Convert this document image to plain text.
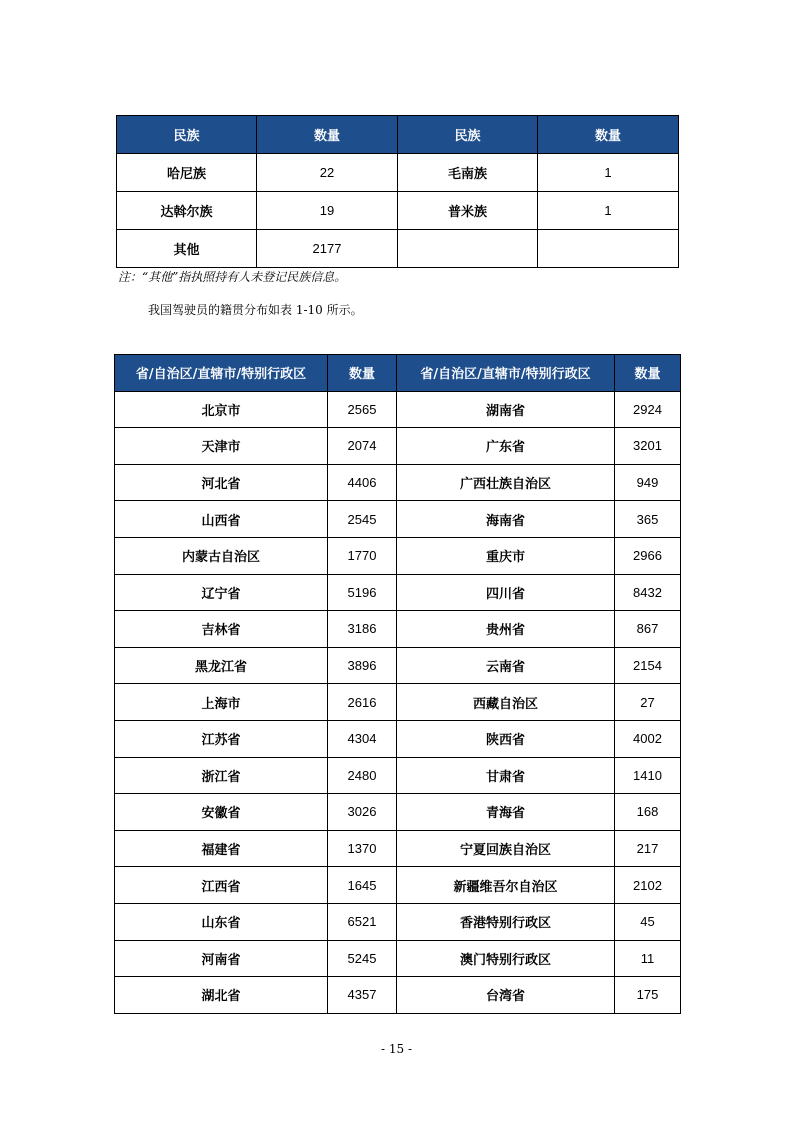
民族	数量	民族	数量
哈尼族	22	毛南族	1
达斡尔族	19	普米族	1
其他	2177		
注：“其他”指执照持有人未登记民族信息。
我国驾驶员的籍贯分布如表 1-10 所示。

省/自治区/直辖市/特别行政区	数量	省/自治区/直辖市/特别行政区	数量
北京市	2565	湖南省	2924
天津市	2074	广东省	3201
河北省	4406	广西壮族自治区	949
山西省	2545	海南省	365
内蒙古自治区	1770	重庆市	2966
辽宁省	5196	四川省	8432
吉林省	3186	贵州省	867
黑龙江省	3896	云南省	2154
上海市	2616	西藏自治区	27
江苏省	4304	陕西省	4002
浙江省	2480	甘肃省	1410
安徽省	3026	青海省	168
福建省	1370	宁夏回族自治区	217
江西省	1645	新疆维吾尔自治区	2102
山东省	6521	香港特别行政区	45
河南省	5245	澳门特别行政区	11
湖北省	4357	台湾省	175
- 15 -
